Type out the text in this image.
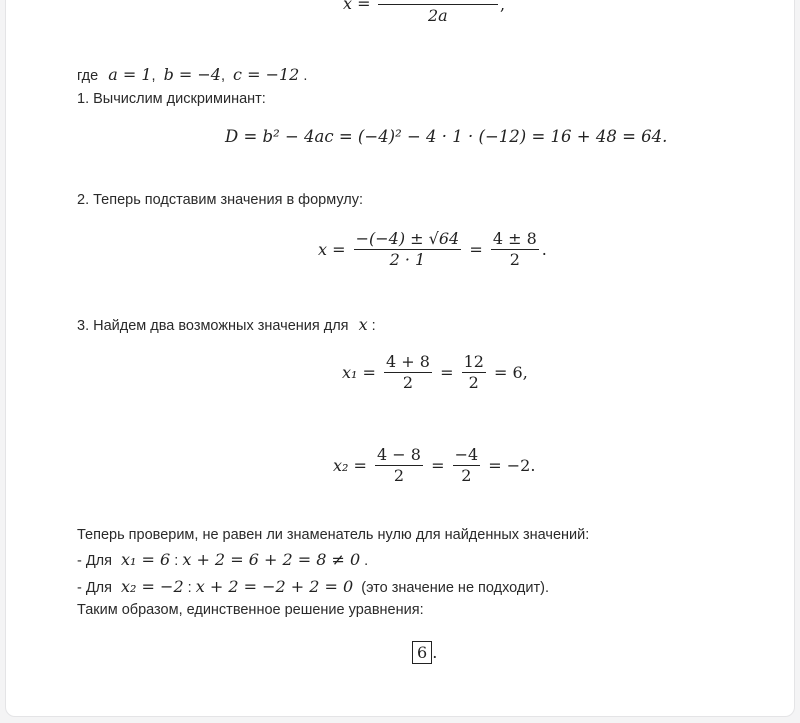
x =
2a
,
где a = 1, b = −4, c = −12 .
1. Вычислим дискриминант:
D = b² − 4ac = (−4)² − 4 · 1 · (−12) = 16 + 48 = 64.
2. Теперь подставим значения в формулу:
$x = \frac{-(-4) \pm √64}{2 \cdot 1} = \frac{4 \pm 8}{2}$ .
3. Найдем два возможных значения для x :
$x_1 = \frac{4 + 8}{2} = \frac{12}{2} = 6$,
$x_2 = \frac{4 - 8}{2} = \frac{-4}{2} = -2$.
Теперь проверим, не равен ли знаменатель нулю для найденных значений:
- Для x₁ = 6 : x + 2 = 6 + 2 = 8 ≠ 0 .
- Для x₂ = −2 : x + 2 = −2 + 2 = 0 (это значение не подходит).
Таким образом, единственное решение уравнения:
6 .
